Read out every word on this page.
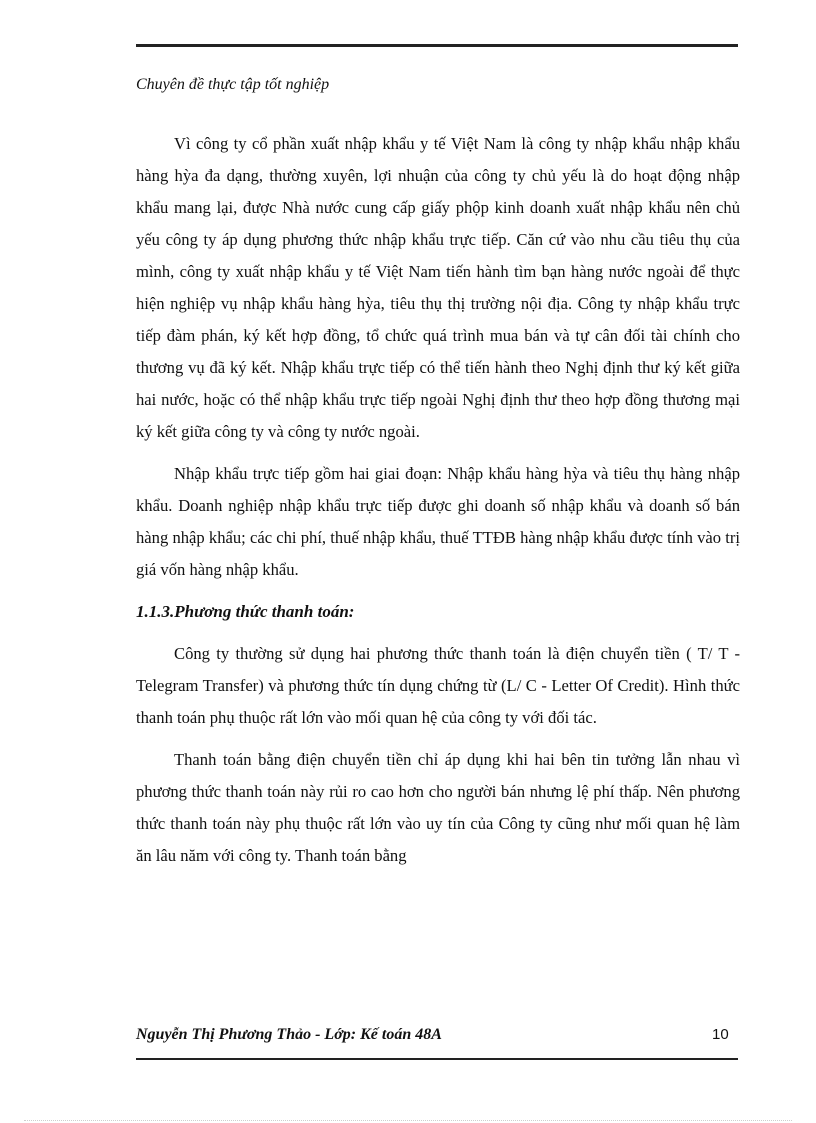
Chuyên đề thực tập tốt nghiệp

Vì công ty cổ phần xuất nhập khẩu y tế Việt Nam là công ty nhập khẩu nhập khẩu hàng hỳa đa dạng, thường xuyên, lợi nhuận của công ty chủ yếu là do hoạt động nhập khẩu mang lại, được Nhà nước cung cấp giấy phộp kinh doanh xuất nhập khẩu nên chủ yếu công ty áp dụng phương thức nhập khẩu trực tiếp. Căn cứ vào nhu cầu tiêu thụ của mình, công ty xuất nhập khẩu y tế Việt Nam tiến hành tìm bạn hàng nước ngoài để thực hiện nghiệp vụ nhập khẩu hàng hỳa, tiêu thụ thị trường nội địa. Công ty nhập khẩu trực tiếp đàm phán, ký kết hợp đồng, tổ chức quá trình mua bán và tự cân đối tài chính cho thương vụ đã ký kết. Nhập khẩu trực tiếp có thể tiến hành theo Nghị định thư ký kết giữa hai nước, hoặc có thể nhập khẩu trực tiếp ngoài Nghị định thư theo hợp đồng thương mại ký kết giữa công ty và công ty nước ngoài.

Nhập khẩu trực tiếp gồm hai giai đoạn: Nhập khẩu hàng hỳa và tiêu thụ hàng nhập khẩu. Doanh nghiệp nhập khẩu trực tiếp được ghi doanh số nhập khẩu và doanh số bán hàng nhập khẩu; các chi phí, thuế nhập khẩu, thuế TTĐB hàng nhập khẩu được tính vào trị giá vốn hàng nhập khẩu.

1.1.3.Phương thức thanh toán:

Công ty thường sử dụng hai phương thức thanh toán là điện chuyển tiền ( T/ T - Telegram Transfer) và phương thức tín dụng chứng từ (L/ C - Letter Of Credit). Hình thức thanh toán phụ thuộc rất lớn vào mối quan hệ của công ty với đối tác.

Thanh toán bằng điện chuyển tiền chỉ áp dụng khi hai bên tin tưởng lẫn nhau vì phương thức thanh toán này rủi ro cao hơn cho người bán nhưng lệ phí thấp. Nên phương thức thanh toán này phụ thuộc rất lớn vào uy tín của Công ty cũng như mối quan hệ làm ăn lâu năm với công ty. Thanh toán bằng

Nguyễn Thị Phương Thảo - Lớp: Kế toán 48A	10
